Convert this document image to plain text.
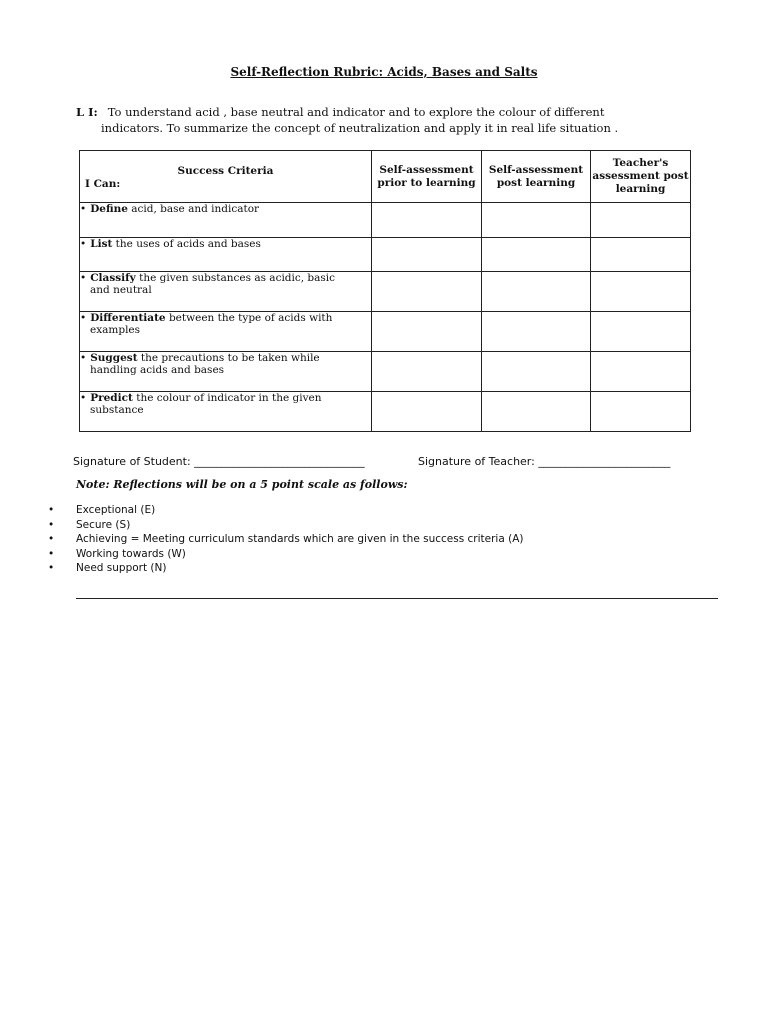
Self-Reflection Rubric: Acids, Bases and Salts
L I: To understand acid , base neutral and indicator and to explore the colour of different
indicators. To summarize the concept of neutralization and apply it in real life situation .
Success Criteria
I Can:	Self-assessment prior to learning	Self-assessment post learning	Teacher's assessment post learning
• Define acid, base and indicator			
• List the uses of acids and bases			
• Classify the given substances as acidic, basic
and neutral			

• Differentiate between the type of acids with
examples			

• Suggest the precautions to be taken while
handling acids and bases			

• Predict the colour of indicator in the given
substance			

Signature of Student: _______________________________	Signature of Teacher: ________________________
Note: Reflections will be on a 5 point scale as follows:
• Exceptional (E)
• Secure (S)
• Achieving = Meeting curriculum standards which are given in the success criteria (A)
• Working towards (W)
• Need support (N)
